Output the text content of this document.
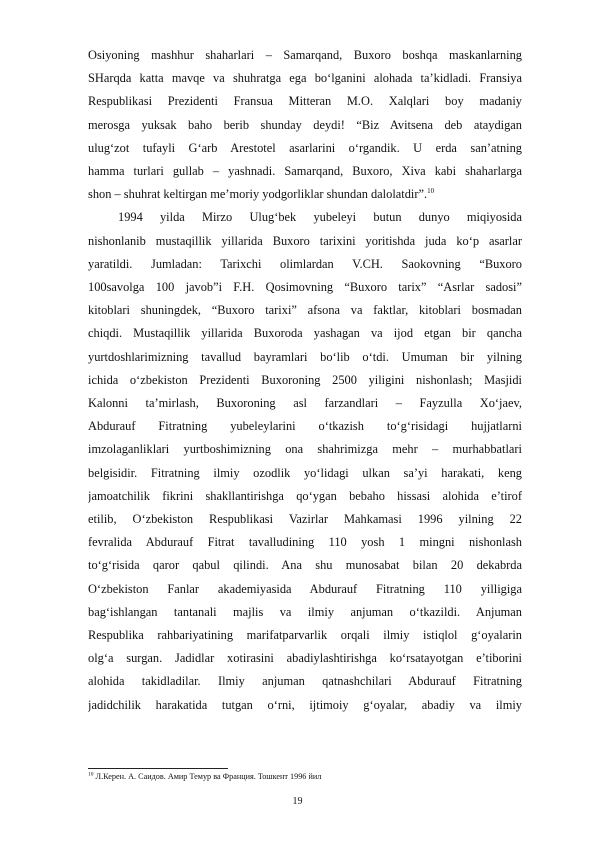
Osiyoning mashhur shaharlari – Samarqand, Buxoro boshqa maskanlarning

SHarqda katta mavqe va shuhratga ega bo‘lganini alohada ta’kidladi. Fransiya

Respublikasi Prezidenti Fransua Mitteran M.O. Xalqlari boy madaniy

merosga yuksak baho berib shunday deydi! “Biz Avitsena deb ataydigan

ulug‘zot tufayli G‘arb Arestotel asarlarini o‘rgandik. U erda san’atning

hamma turlari gullab – yashnadi. Samarqand, Buxoro, Xiva kabi shaharlarga

shon – shuhrat keltirgan me’moriy yodgorliklar shundan dalolatdir”.$^{10}$

1994 yilda Mirzo Ulug‘bek yubeleyi butun dunyo miqiyosida

nishonlanib mustaqillik yillarida Buxoro tarixini yoritishda juda ko‘p asarlar

yaratildi. Jumladan: Tarixchi olimlardan V.CH. Saokovning “Buxoro

100savolga 100 javob”i F.H. Qosimovning “Buxoro tarix” “Asrlar sadosi”

kitoblari shuningdek, “Buxoro tarixi” afsona va faktlar, kitoblari bosmadan

chiqdi. Mustaqillik yillarida Buxoroda yashagan va ijod etgan bir qancha

yurtdoshlarimizning tavallud bayramlari bo‘lib o‘tdi. Umuman bir yilning

ichida o‘zbekiston Prezidenti Buxoroning 2500 yiligini nishonlash; Masjidi

Kalonni ta’mirlash, Buxoroning asl farzandlari – Fayzulla Xo‘jaev,

Abdurauf Fitratning yubeleylarini o‘tkazish to‘g‘risidagi hujjatlarni

imzolaganliklari yurtboshimizning ona shahrimizga mehr – murhabbatlari

belgisidir. Fitratning ilmiy ozodlik yo‘lidagi ulkan sa’yi harakati, keng

jamoatchilik fikrini shakllantirishga qo‘ygan bebaho hissasi alohida e’tirof

etilib, O‘zbekiston Respublikasi Vazirlar Mahkamasi 1996 yilning 22

fevralida Abdurauf Fitrat tavalludining 110 yosh 1 mingni nishonlash

to‘g‘risida qaror qabul qilindi. Ana shu munosabat bilan 20 dekabrda

O‘zbekiston Fanlar akademiyasida Abdurauf Fitratning 110 yilligiga

bag‘ishlangan tantanali majlis va ilmiy anjuman o‘tkazildi. Anjuman

Respublika rahbariyatining marifatparvarlik orqali ilmiy istiqlol g‘oyalarin

olg‘a surgan. Jadidlar xotirasini abadiylashtirishga ko‘rsatayotgan e’tiborini

alohida takidladilar. Ilmiy anjuman qatnashchilari Abdurauf Fitratning

jadidchilik harakatida tutgan o‘rni, ijtimoiy g‘oyalar, abadiy va ilmiy

$^{10}$ Л.Керен. А. Саидов. Амир Темур ва Франция. Тошкент 1996 йил
19
